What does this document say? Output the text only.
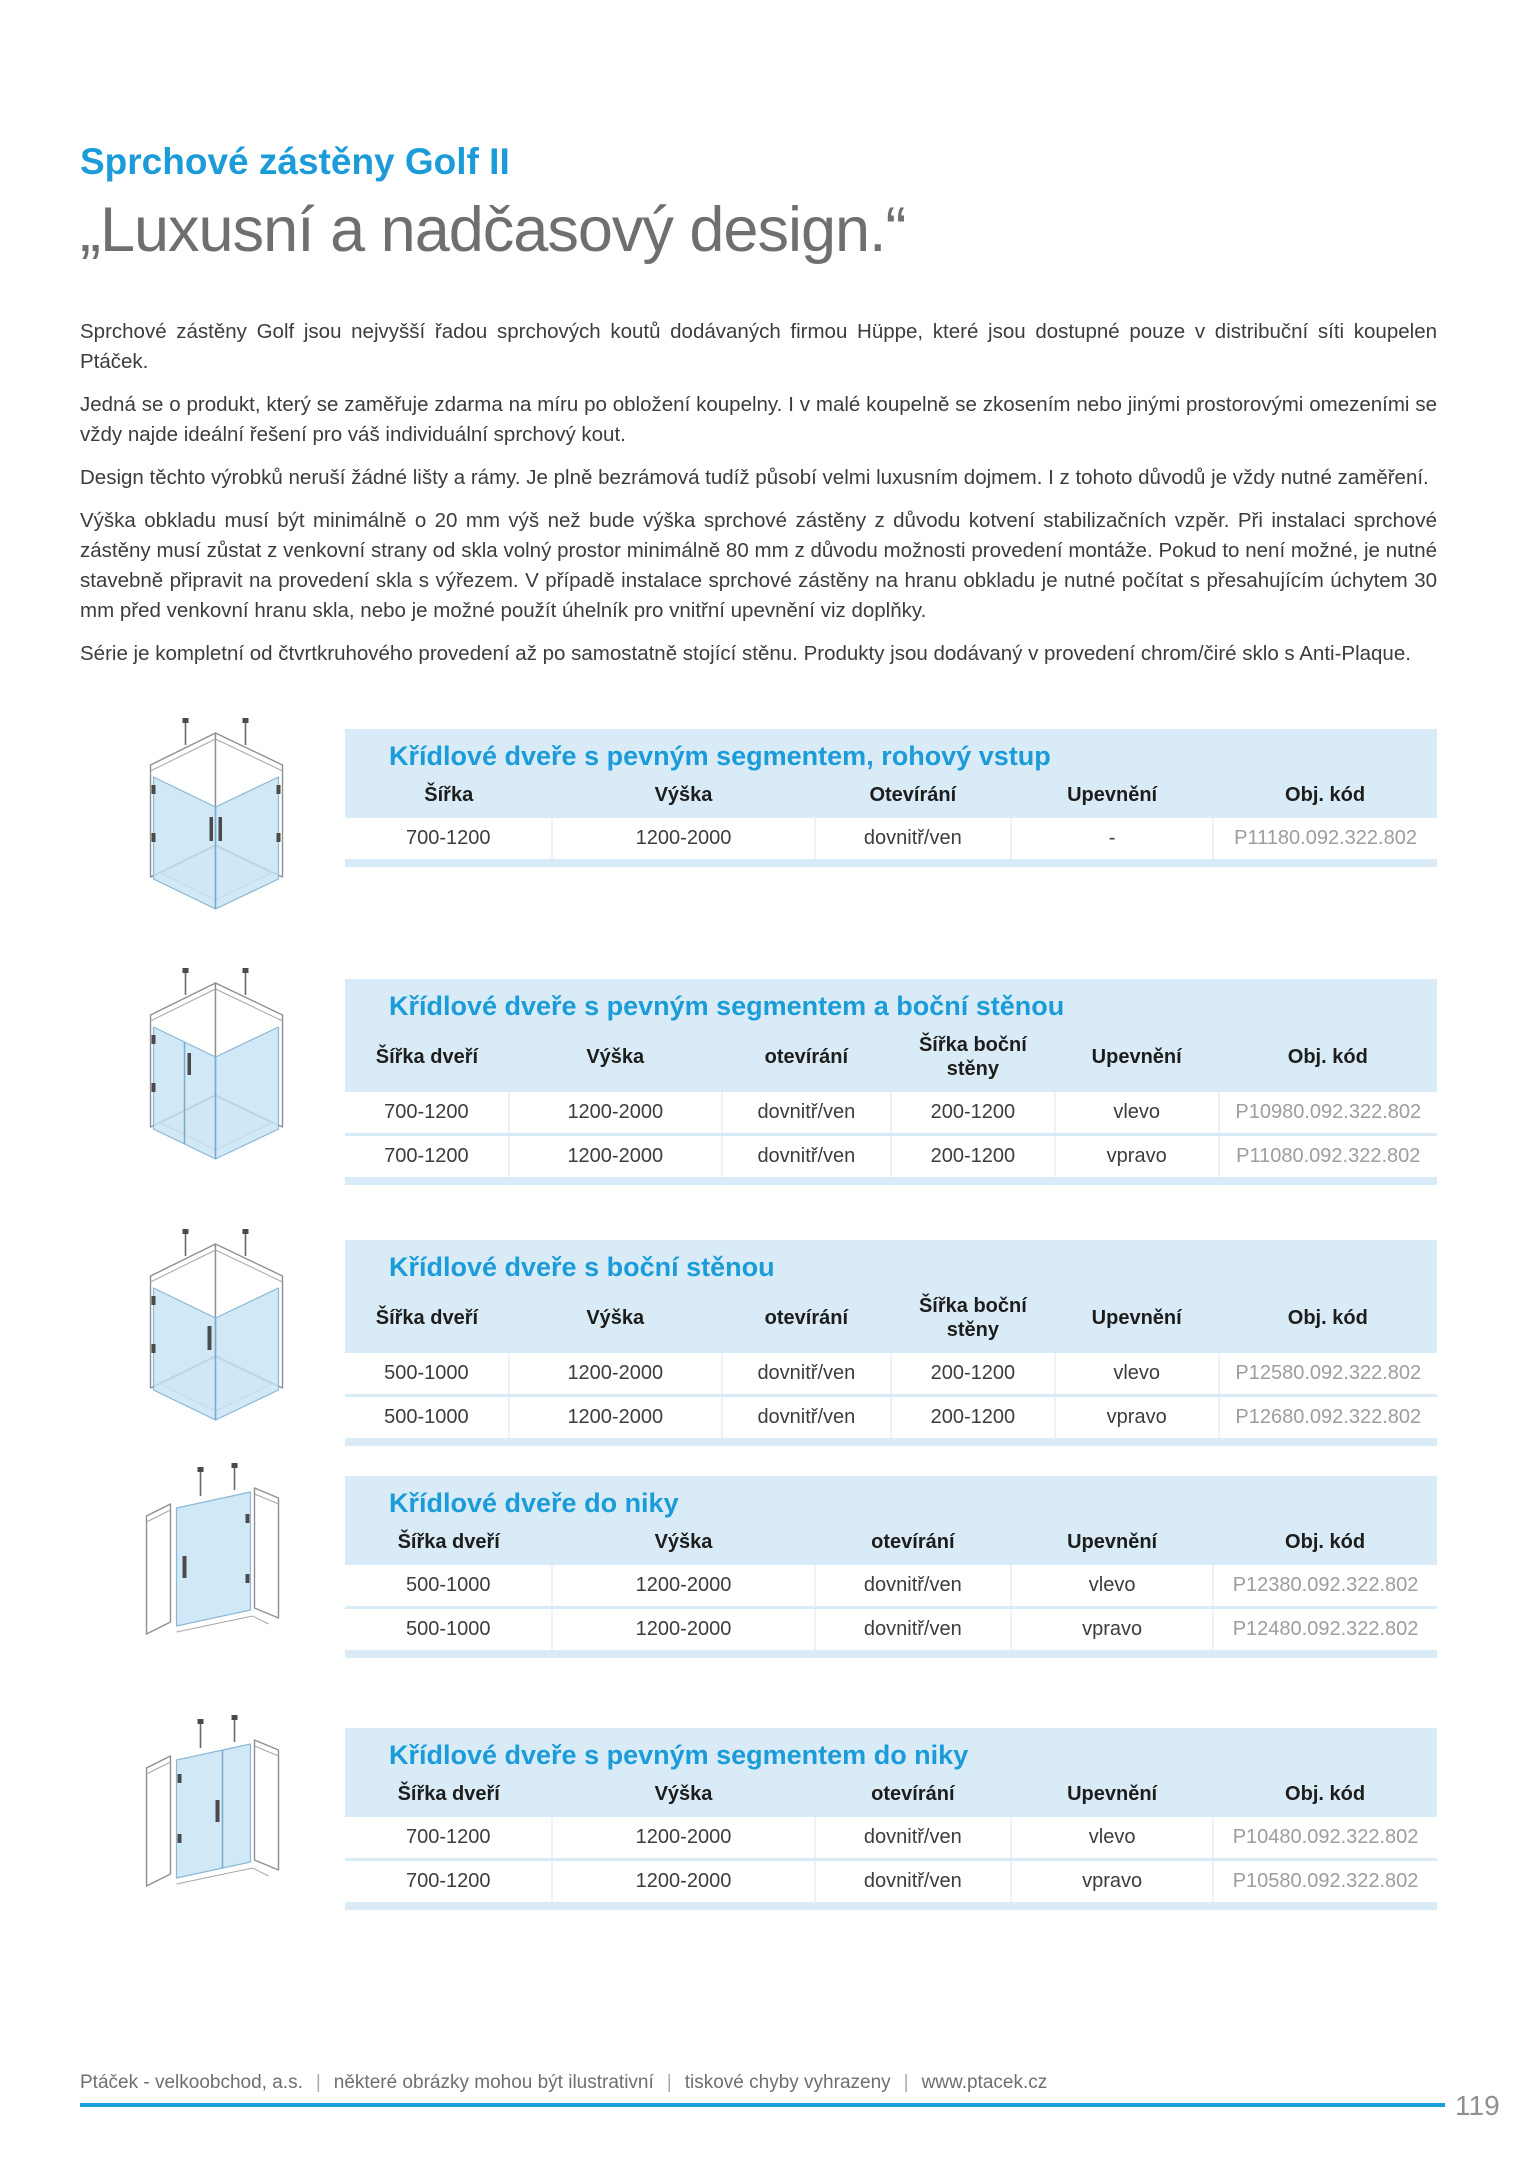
Sprchové zástěny Golf II
„Luxusní a nadčasový design.“

Sprchové zástěny Golf jsou nejvyšší řadou sprchových koutů dodávaných firmou Hüppe, které jsou dostupné pouze v distribuční síti koupelen Ptáček.

Jedná se o produkt, který se zaměřuje zdarma na míru po obložení koupelny. I v malé koupelně se zkosením nebo jinými prostorovými omezeními se vždy najde ideální řešení pro váš individuální sprchový kout.

Design těchto výrobků neruší žádné lišty a rámy. Je plně bezrámová tudíž působí velmi luxusním dojmem. I z tohoto důvodů je vždy nutné zaměření.

Výška obkladu musí být minimálně o 20 mm výš než bude výška sprchové zástěny z důvodu kotvení stabilizačních vzpěr. Při instalaci sprchové zástěny musí zůstat z venkovní strany od skla volný prostor minimálně 80 mm z důvodu možnosti provedení montáže. Pokud to není možné, je nutné stavebně připravit na provedení skla s výřezem. V případě instalace sprchové zástěny na hranu obkladu je nutné počítat s přesahujícím úchytem 30 mm před venkovní hranu skla, nebo je možné použít úhelník pro vnitřní upevnění viz doplňky.

Série je kompletní od čtvrtkruhového provedení až po samostatně stojící stěnu. Produkty jsou dodávaný v provedení chrom/čiré sklo s Anti-Plaque.

Křídlové dveře s pevným segmentem, rohový vstup
Šířka	Výška	Otevírání	Upevnění	Obj. kód
700-1200	1200-2000	dovnitř/ven	-	P11180.092.322.802
Křídlové dveře s pevným segmentem a boční stěnou
Šířka dveří	Výška	otevírání	Šířka boční stěny	Upevnění	Obj. kód
700-1200	1200-2000	dovnitř/ven	200-1200	vlevo	P10980.092.322.802
700-1200	1200-2000	dovnitř/ven	200-1200	vpravo	P11080.092.322.802
Křídlové dveře s boční stěnou
Šířka dveří	Výška	otevírání	Šířka boční stěny	Upevnění	Obj. kód
500-1000	1200-2000	dovnitř/ven	200-1200	vlevo	P12580.092.322.802
500-1000	1200-2000	dovnitř/ven	200-1200	vpravo	P12680.092.322.802
Křídlové dveře do niky
Šířka dveří	Výška	otevírání	Upevnění	Obj. kód
500-1000	1200-2000	dovnitř/ven	vlevo	P12380.092.322.802
500-1000	1200-2000	dovnitř/ven	vpravo	P12480.092.322.802
Křídlové dveře s pevným segmentem do niky
Šířka dveří	Výška	otevírání	Upevnění	Obj. kód
700-1200	1200-2000	dovnitř/ven	vlevo	P10480.092.322.802
700-1200	1200-2000	dovnitř/ven	vpravo	P10580.092.322.802
Ptáček - velkoobchod, a.s. | některé obrázky mohou být ilustrativní | tiskové chyby vyhrazeny | www.ptacek.cz
119
